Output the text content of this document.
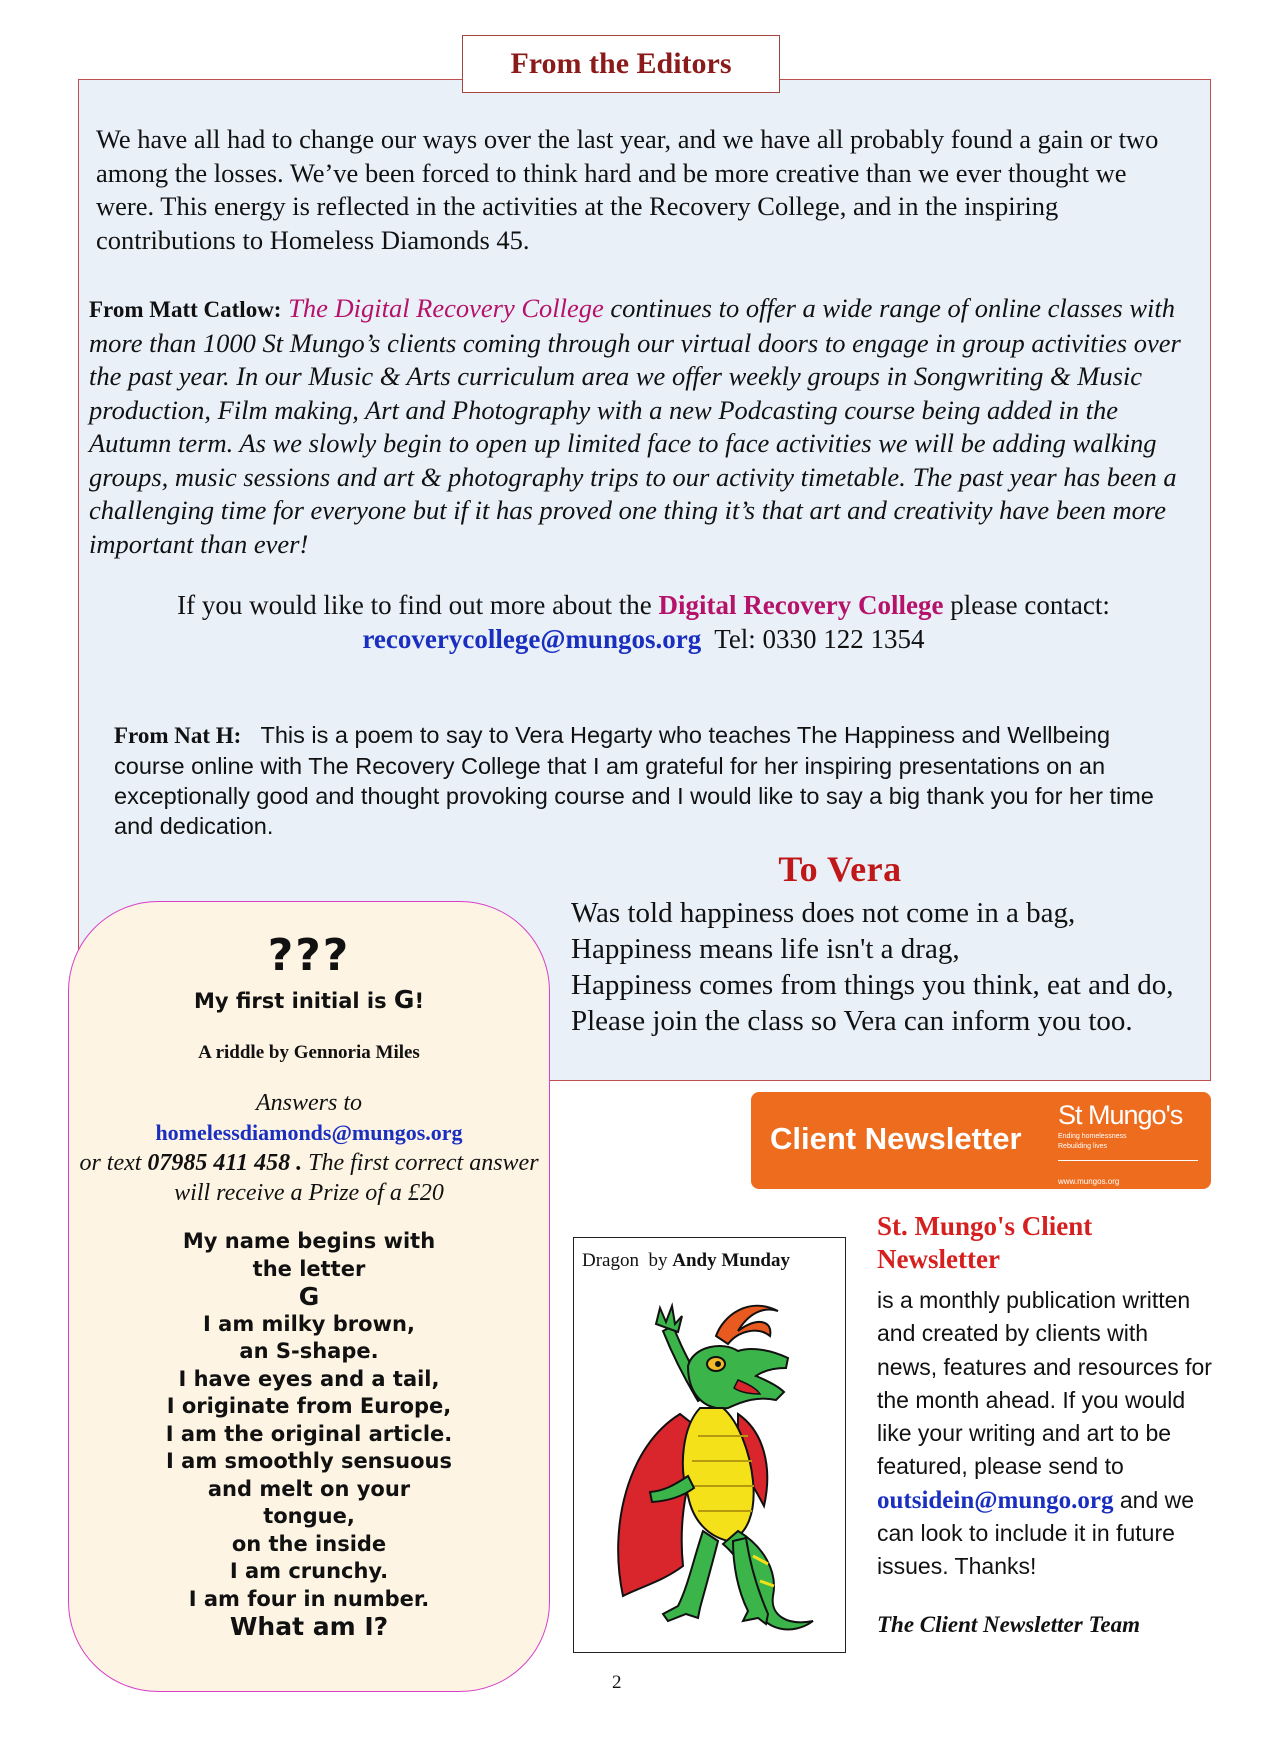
From the Editors
We have all had to change our ways over the last year, and we have all probably found a gain or two among the losses. We’ve been forced to think hard and be more creative than we ever thought we were. This energy is reflected in the activities at the Recovery College, and in the inspiring contributions to Homeless Diamonds 45.
From Matt Catlow: The Digital Recovery College continues to offer a wide range of online classes with more than 1000 St Mungo’s clients coming through our virtual doors to engage in group activities over the past year. In our Music & Arts curriculum area we offer weekly groups in Songwriting & Music production, Film making, Art and Photography with a new Podcasting course being added in the Autumn term. As we slowly begin to open up limited face to face activities we will be adding walking groups, music sessions and art & photography trips to our activity timetable. The past year has been a challenging time for everyone but if it has proved one thing it’s that art and creativity have been more important than ever!
If you would like to find out more about the Digital Recovery College please contact:
recoverycollege@mungos.org  Tel: 0330 122 1354
From Nat H:   This is a poem to say to Vera Hegarty who teaches The Happiness and Wellbeing course online with The Recovery College that I am grateful for her inspiring presentations on an exceptionally good and thought provoking course and I would like to say a big thank you for her time and dedication.
To Vera
Was told happiness does not come in a bag,
Happiness means life isn't a drag,
Happiness comes from things you think, eat and do,
Please join the class so Vera can inform you too.
???
My first initial is G!
A riddle by Gennoria Miles
Answers to
homelessdiamonds@mungos.org
or text 07985 411 458 . The first correct answer will receive a Prize of a £20
My name begins with
the letter
G
I am milky brown,
an S-shape.
I have eyes and a tail,
I originate from Europe,
I am the original article.
I am smoothly sensuous
and melt on your
tongue,
on the inside
I am crunchy.
I am four in number.
What am I?
Client Newsletter
St Mungo's
Ending homelessness
Rebuilding lives
www.mungos.org
Dragon  by Andy Munday
St. Mungo's Client Newsletter
is a monthly publication written and created by clients with news, features and resources for the month ahead. If you would like your writing and art to be featured, please send to  outsidein@mungo.org and we can look to include it in future issues. Thanks!
The Client Newsletter Team
2
